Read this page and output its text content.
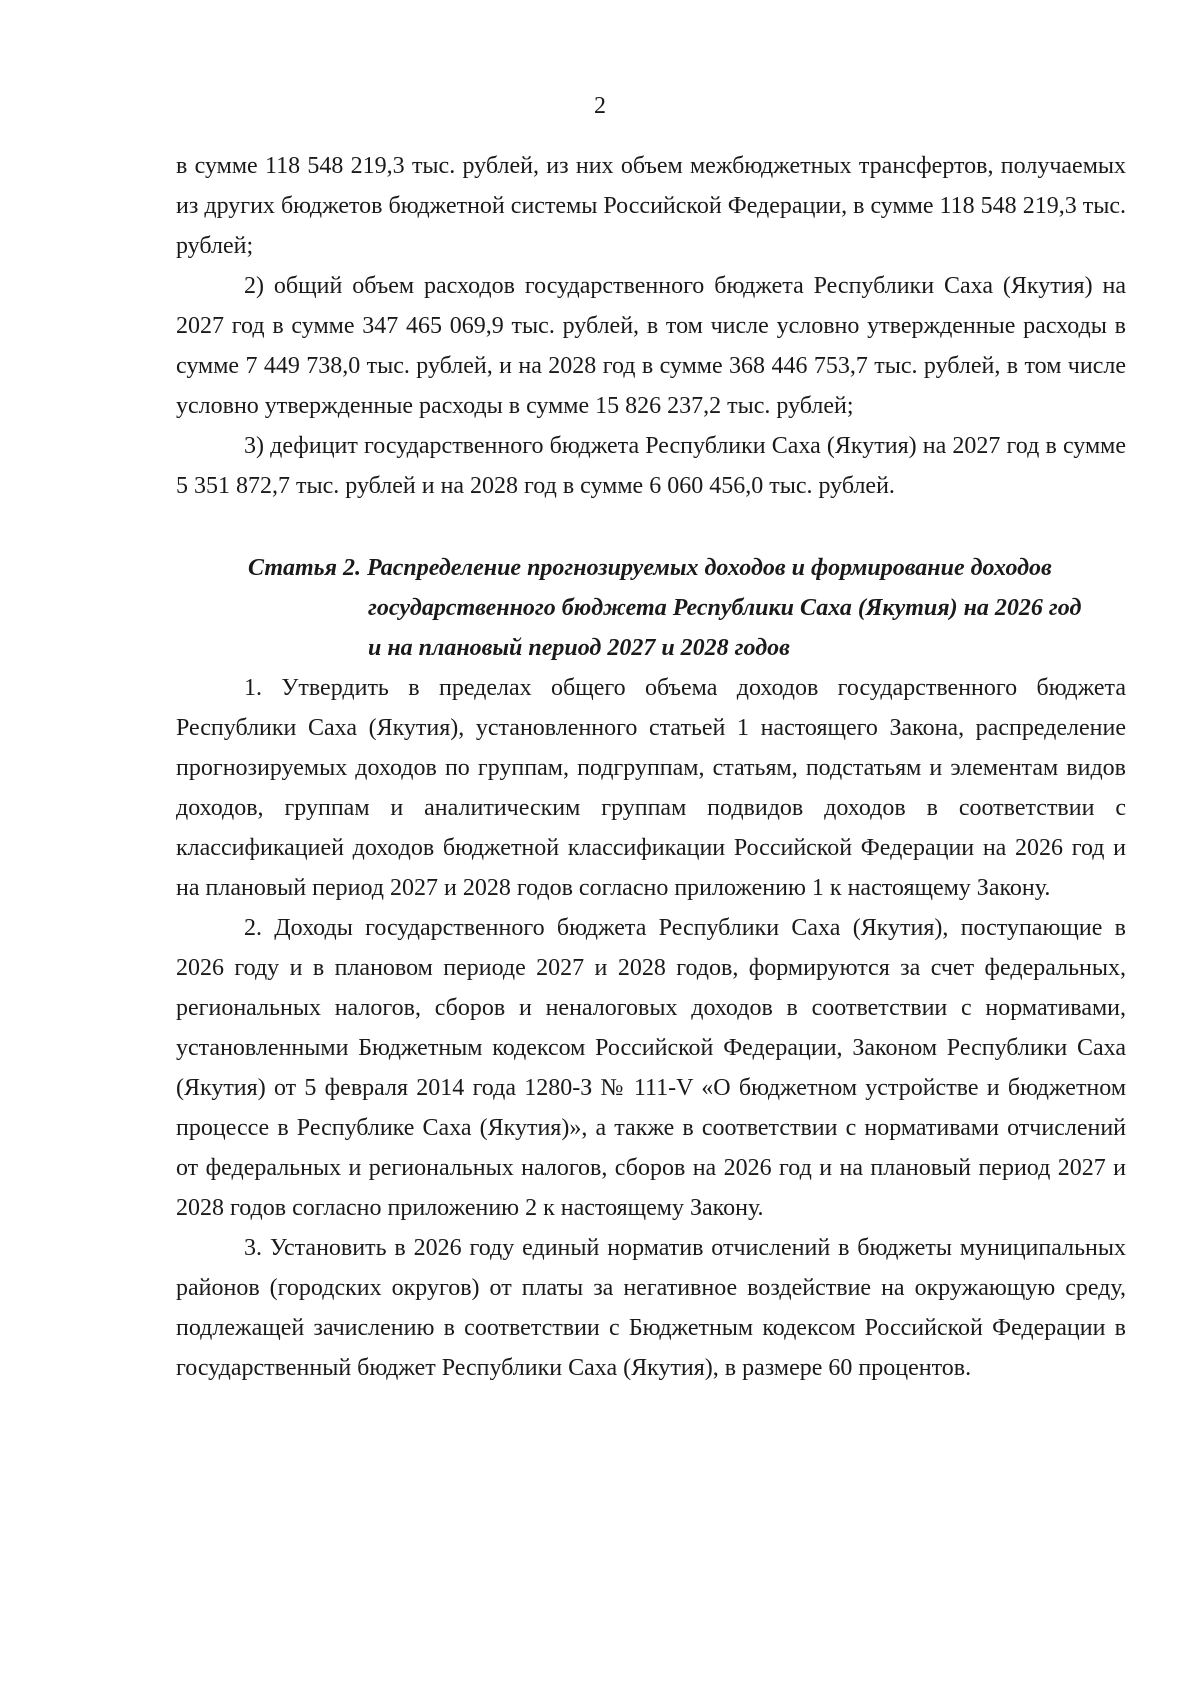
2

в сумме 118 548 219,3 тыс. рублей, из них объем межбюджетных трансфертов, получаемых из других бюджетов бюджетной системы Российской Федерации, в сумме 118 548 219,3 тыс. рублей;

2) общий объем расходов государственного бюджета Республики Саха (Якутия) на 2027 год в сумме 347 465 069,9 тыс. рублей, в том числе условно утвержденные расходы в сумме 7 449 738,0 тыс. рублей, и на 2028 год в сумме 368 446 753,7 тыс. рублей, в том числе условно утвержденные расходы в сумме 15 826 237,2 тыс. рублей;

3) дефицит государственного бюджета Республики Саха (Якутия) на 2027 год в сумме 5 351 872,7 тыс. рублей и на 2028 год в сумме 6 060 456,0 тыс. рублей.

Статья 2. Распределение прогнозируемых доходов и формирование доходов
государственного бюджета Республики Саха (Якутия) на 2026 год
и на плановый период 2027 и 2028 годов

1. Утвердить в пределах общего объема доходов государственного бюджета Республики Саха (Якутия), установленного статьей 1 настоящего Закона, распределение прогнозируемых доходов по группам, подгруппам, статьям, подстатьям и элементам видов доходов, группам и аналитическим группам подвидов доходов в соответствии с классификацией доходов бюджетной классификации Российской Федерации на 2026 год и на плановый период 2027 и 2028 годов согласно приложению 1 к настоящему Закону.

2. Доходы государственного бюджета Республики Саха (Якутия), поступающие в 2026 году и в плановом периоде 2027 и 2028 годов, формируются за счет федеральных, региональных налогов, сборов и неналоговых доходов в соответствии с нормативами, установленными Бюджетным кодексом Российской Федерации, Законом Республики Саха (Якутия) от 5 февраля 2014 года 1280-З № 111-V «О бюджетном устройстве и бюджетном процессе в Республике Саха (Якутия)», а также в соответствии с нормативами отчислений от федеральных и региональных налогов, сборов на 2026 год и на плановый период 2027 и 2028 годов согласно приложению 2 к настоящему Закону.

3. Установить в 2026 году единый норматив отчислений в бюджеты муниципальных районов (городских округов) от платы за негативное воздействие на окружающую среду, подлежащей зачислению в соответствии с Бюджетным кодексом Российской Федерации в государственный бюджет Республики Саха (Якутия), в размере 60 процентов.
